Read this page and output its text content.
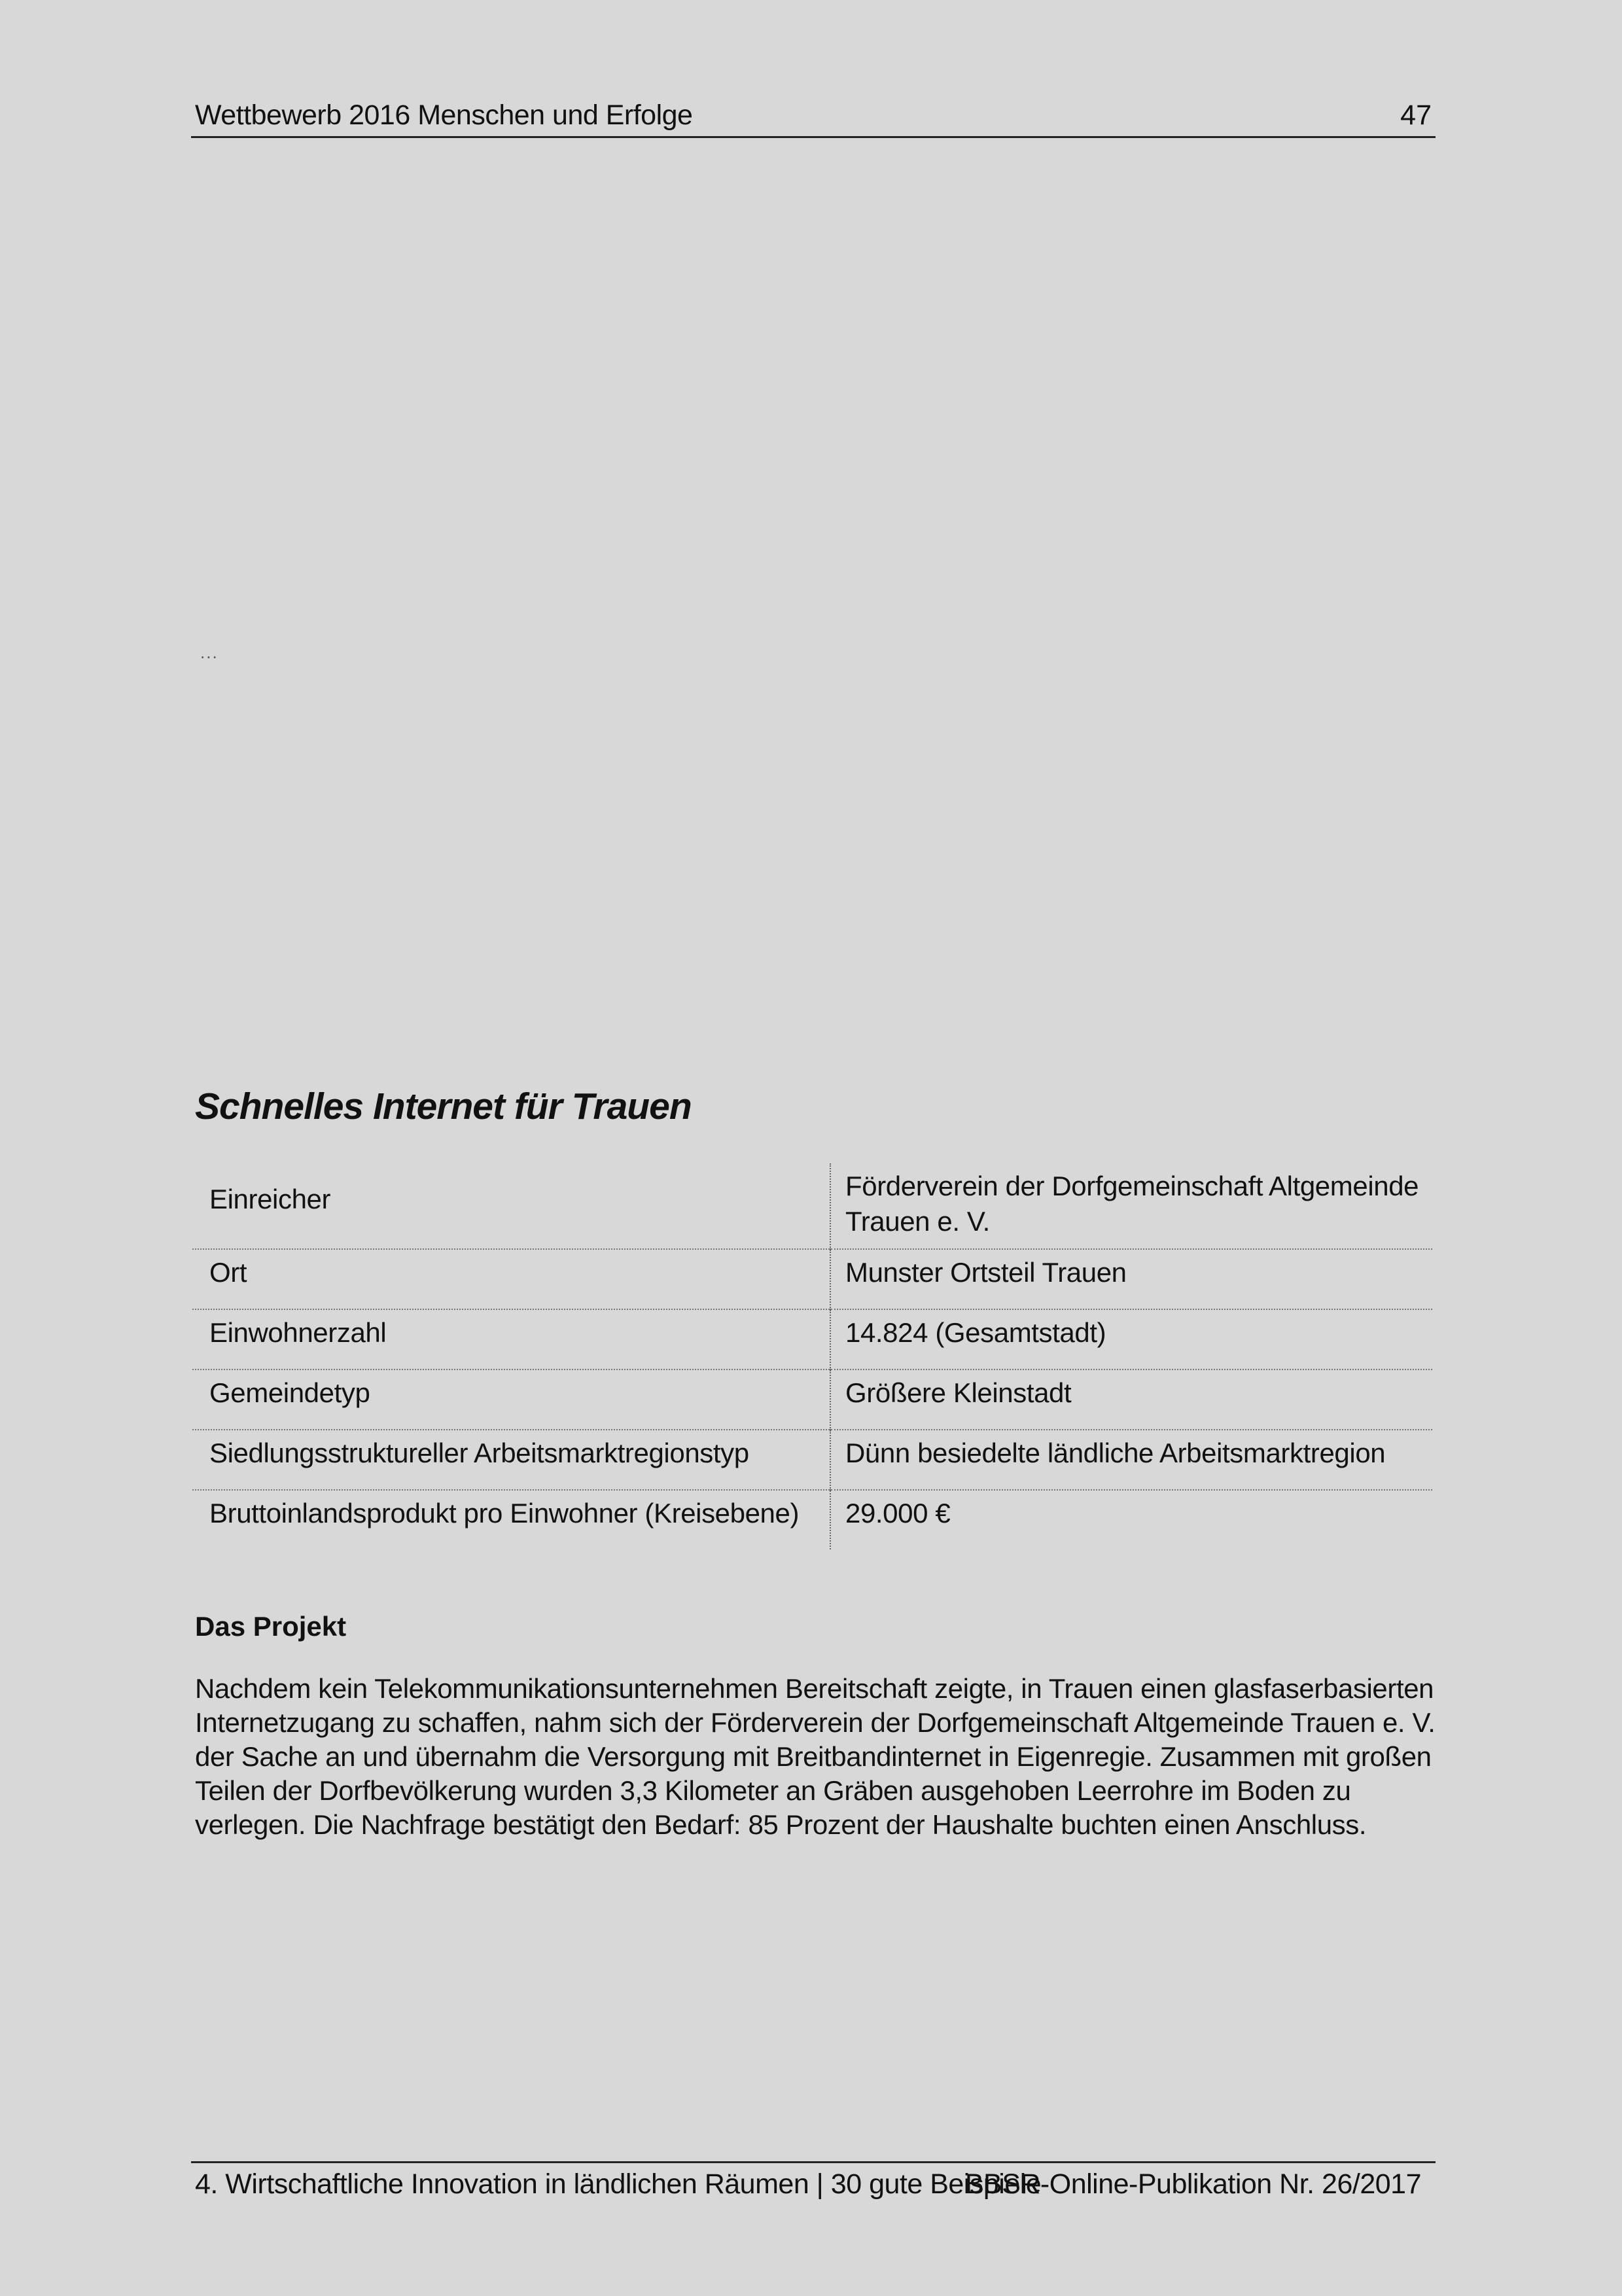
Wettbewerb 2016 Menschen und Erfolge	47
...
Schnelles Internet für Trauen
Einreicher	Förderverein der Dorfgemeinschaft Altgemeinde Trauen e. V.
Ort	Munster Ortsteil Trauen
Einwohnerzahl	14.824 (Gesamtstadt)
Gemeindetyp	Größere Kleinstadt
Siedlungsstruktureller Arbeitsmarktregionstyp	Dünn besiedelte ländliche Arbeitsmarktregion
Bruttoinlandsprodukt pro Einwohner (Kreisebene)	29.000 €
Das Projekt

Nachdem kein Telekommunikationsunternehmen Bereitschaft zeigte, in Trauen einen glasfaserbasierten Internetzugang zu schaffen, nahm sich der Förderverein der Dorfgemeinschaft Altgemeinde Trauen e. V. der Sache an und übernahm die Versorgung mit Breitbandinternet in Eigenregie. Zusammen mit großen Teilen der Dorfbevölkerung wurden 3,3 Kilometer an Gräben ausgehoben Leerrohre im Boden zu verlegen. Die Nachfrage bestätigt den Bedarf: 85 Prozent der Haushalte buchten einen Anschluss.

4. Wirtschaftliche Innovation in ländlichen Räumen | 30 gute Beispiele
BBSR-Online-Publikation Nr. 26/2017
